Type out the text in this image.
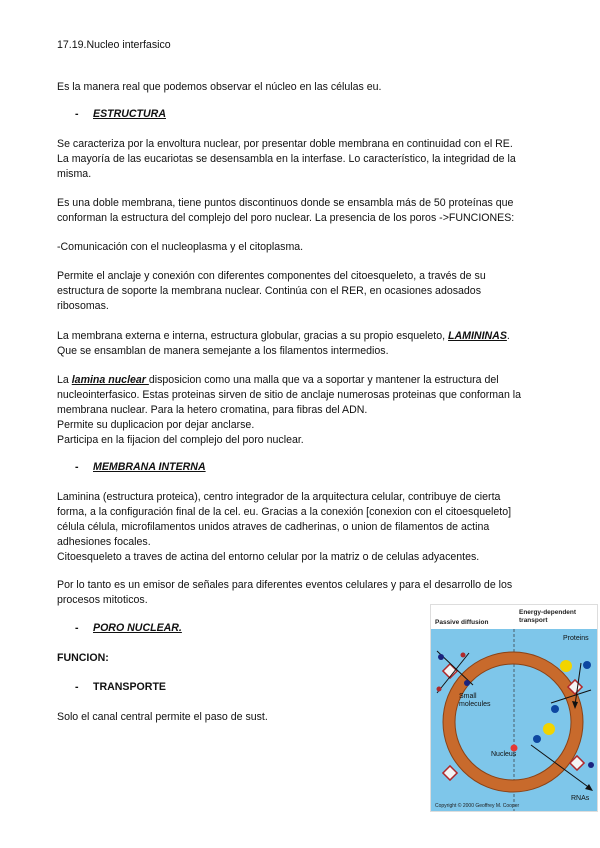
17.19.Nucleo interfasico

Es la manera real que podemos observar el núcleo en las células eu.

- ESTRUCTURA

Se caracteriza por la envoltura nuclear, por presentar doble membrana en continuidad con el RE.

La mayoría de las eucariotas se desensambla en la interfase. Lo característico, la integridad de la

misma.

Es una doble membrana, tiene puntos discontinuos donde se ensambla más de 50 proteínas que

conforman la estructura del complejo del poro nuclear. La presencia de los poros ->FUNCIONES:

-Comunicación con el nucleoplasma y el citoplasma.

Permite el anclaje y conexión con diferentes componentes del citoesqueleto, a través de su

estructura de soporte la membrana nuclear. Continúa con el RER, en ocasiones adosados

ribosomas.

La membrana externa e interna, estructura globular, gracias a su propio esqueleto, LAMININAS.

Que se ensamblan de manera semejante a los filamentos intermedios.

La lamina nuclear disposicion como una malla que va a soportar y mantener la estructura del

nucleointerfasico. Estas proteinas sirven de sitio de anclaje numerosas proteinas que conforman la

membrana nuclear. Para la hetero cromatina, para fibras del ADN.

Permite su duplicacion por dejar anclarse.

Participa en la fijacion del complejo del poro nuclear.

- MEMBRANA INTERNA

Laminina (estructura proteica), centro integrador de la arquitectura celular, contribuye de cierta

forma, a la configuración final de la cel. eu. Gracias a la conexión [conexion con el citoesqueleto]

célula célula, microfilamentos unidos atraves de cadherinas, o union de filamentos de actina

adhesiones focales.

Citoesqueleto a traves de actina del entorno celular por la matriz o de celulas adyacentes.

Por lo tanto es un emisor de señales para diferentes eventos celulares y para el desarrollo de los

procesos mitoticos.

- PORO NUCLEAR.

FUNCION:

- TRANSPORTE

Solo el canal central permite el paso de sust.

Passive diffusion
Energy-dependent
transport
Proteins
Small
molecules
Nucleus
RNAs
Copyright © 2000 Geoffrey M. Cooper
